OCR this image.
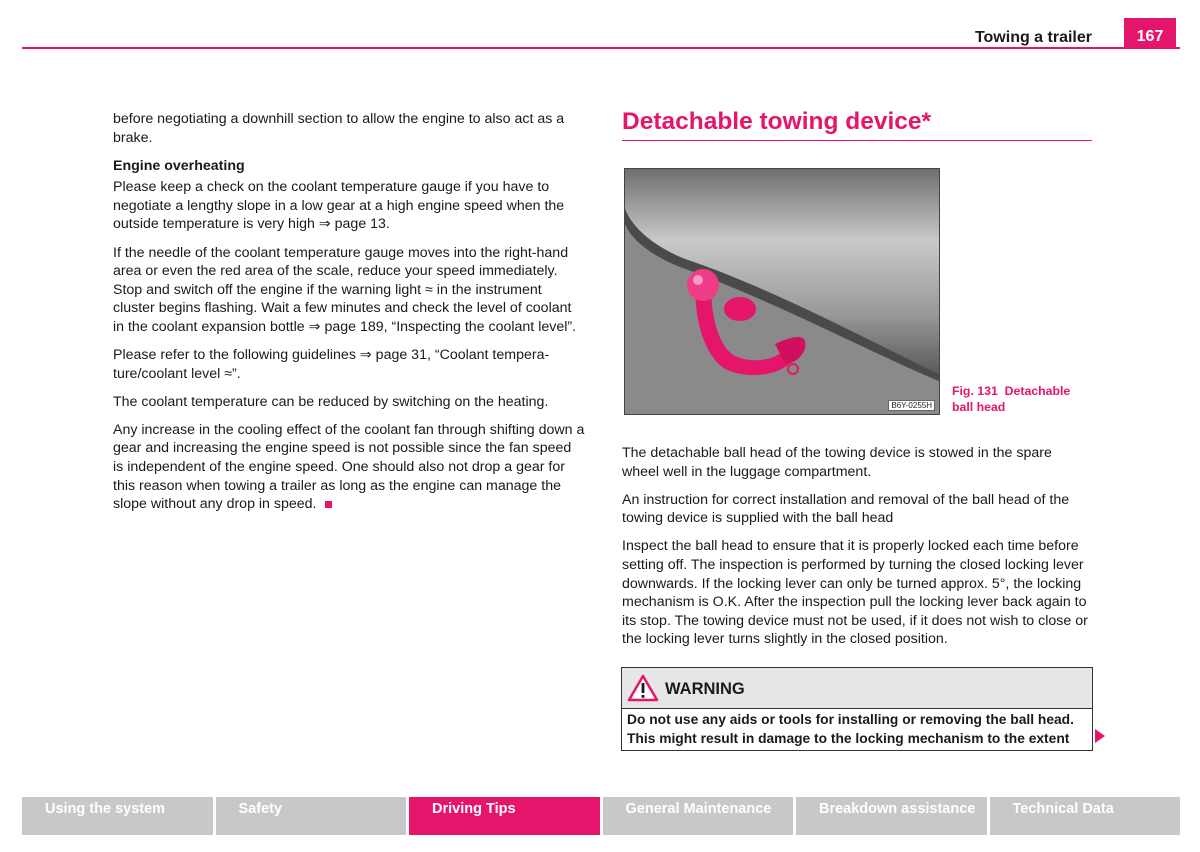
Towing a trailer	167

before negotiating a downhill section to allow the engine to also act as a brake.

Engine overheating

Please keep a check on the coolant temperature gauge if you have to negotiate a lengthy slope in a low gear at a high engine speed when the outside temperature is very high ⇒ page 13.

If the needle of the coolant temperature gauge moves into the right-hand area or even the red area of the scale, reduce your speed immediately. Stop and switch off the engine if the warning light ≈ in the instrument cluster begins flashing. Wait a few minutes and check the level of coolant in the coolant expansion bottle ⇒ page 189, “Inspecting the coolant level”.

Please refer to the following guidelines ⇒ page 31, “Coolant tempera-ture/coolant level ≈”.

The coolant temperature can be reduced by switching on the heating.

Any increase in the cooling effect of the coolant fan through shifting down a gear and increasing the engine speed is not possible since the fan speed is independent of the engine speed. One should also not drop a gear for this reason when towing a trailer as long as the engine can manage the slope without any drop in speed.

Detachable towing device*
B6Y-0255H
Fig. 131 Detachable ball head

The detachable ball head of the towing device is stowed in the spare wheel well in the luggage compartment.

An instruction for correct installation and removal of the ball head of the towing device is supplied with the ball head

Inspect the ball head to ensure that it is properly locked each time before setting off. The inspection is performed by turning the closed locking lever downwards. If the locking lever can only be turned approx. 5°, the locking mechanism is O.K. After the inspection pull the locking lever back again to its stop. The towing device must not be used, if it does not wish to close or the locking lever turns slightly in the closed position.

WARNING
Do not use any aids or tools for installing or removing the ball head. This might result in damage to the locking mechanism to the extent
Using the system	Safety	Driving Tips	General Maintenance	Breakdown assistance	Technical Data
